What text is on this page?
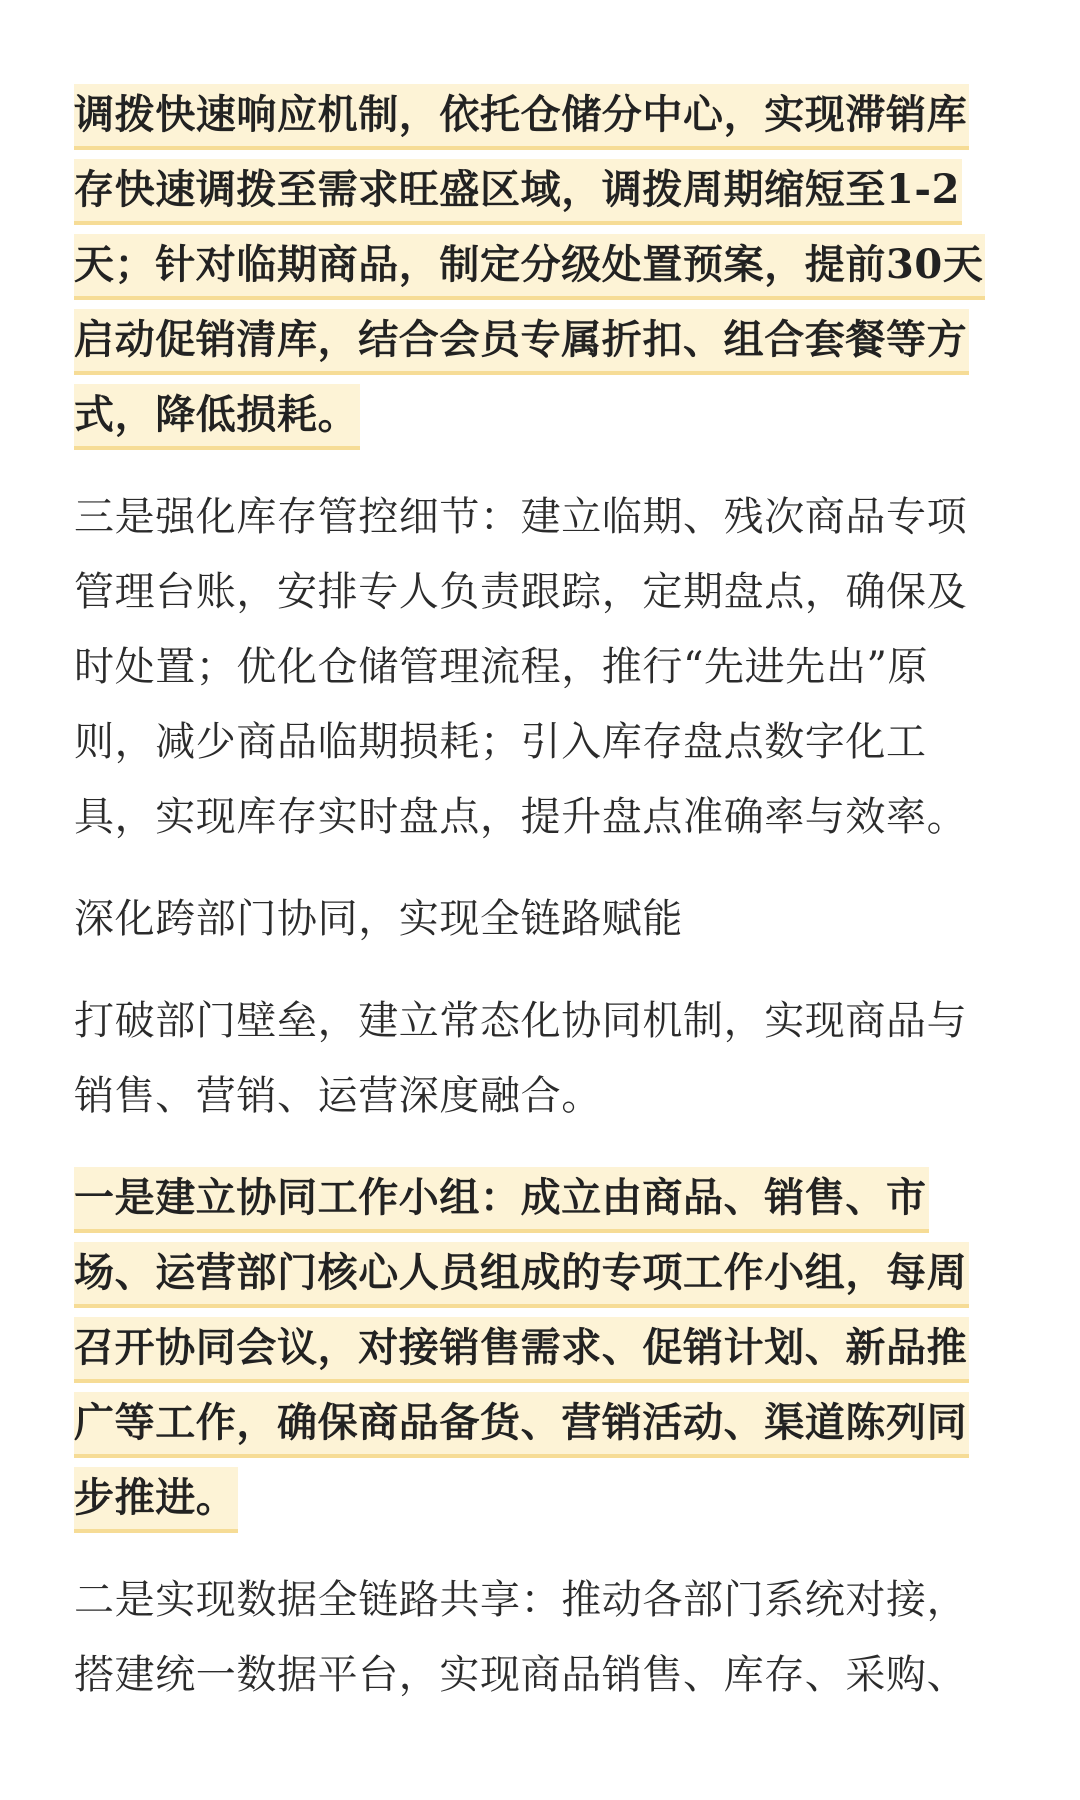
调拨快速响应机制，依托仓储分中心，实现滞销库
存快速调拨至需求旺盛区域，调拨周期缩短至1-2
天；针对临期商品，制定分级处置预案，提前30天
启动促销清库，结合会员专属折扣、组合套餐等方
式，降低损耗。
三是强化库存管控细节：建立临期、残次商品专项
管理台账，安排专人负责跟踪，定期盘点，确保及
时处置；优化仓储管理流程，推行“先进先出”原
则，减少商品临期损耗；引入库存盘点数字化工
具，实现库存实时盘点，提升盘点准确率与效率。
深化跨部门协同，实现全链路赋能
打破部门壁垒，建立常态化协同机制，实现商品与
销售、营销、运营深度融合。
一是建立协同工作小组：成立由商品、销售、市
场、运营部门核心人员组成的专项工作小组，每周
召开协同会议，对接销售需求、促销计划、新品推
广等工作，确保商品备货、营销活动、渠道陈列同
步推进。
二是实现数据全链路共享：推动各部门系统对接，
搭建统一数据平台，实现商品销售、库存、采购、
